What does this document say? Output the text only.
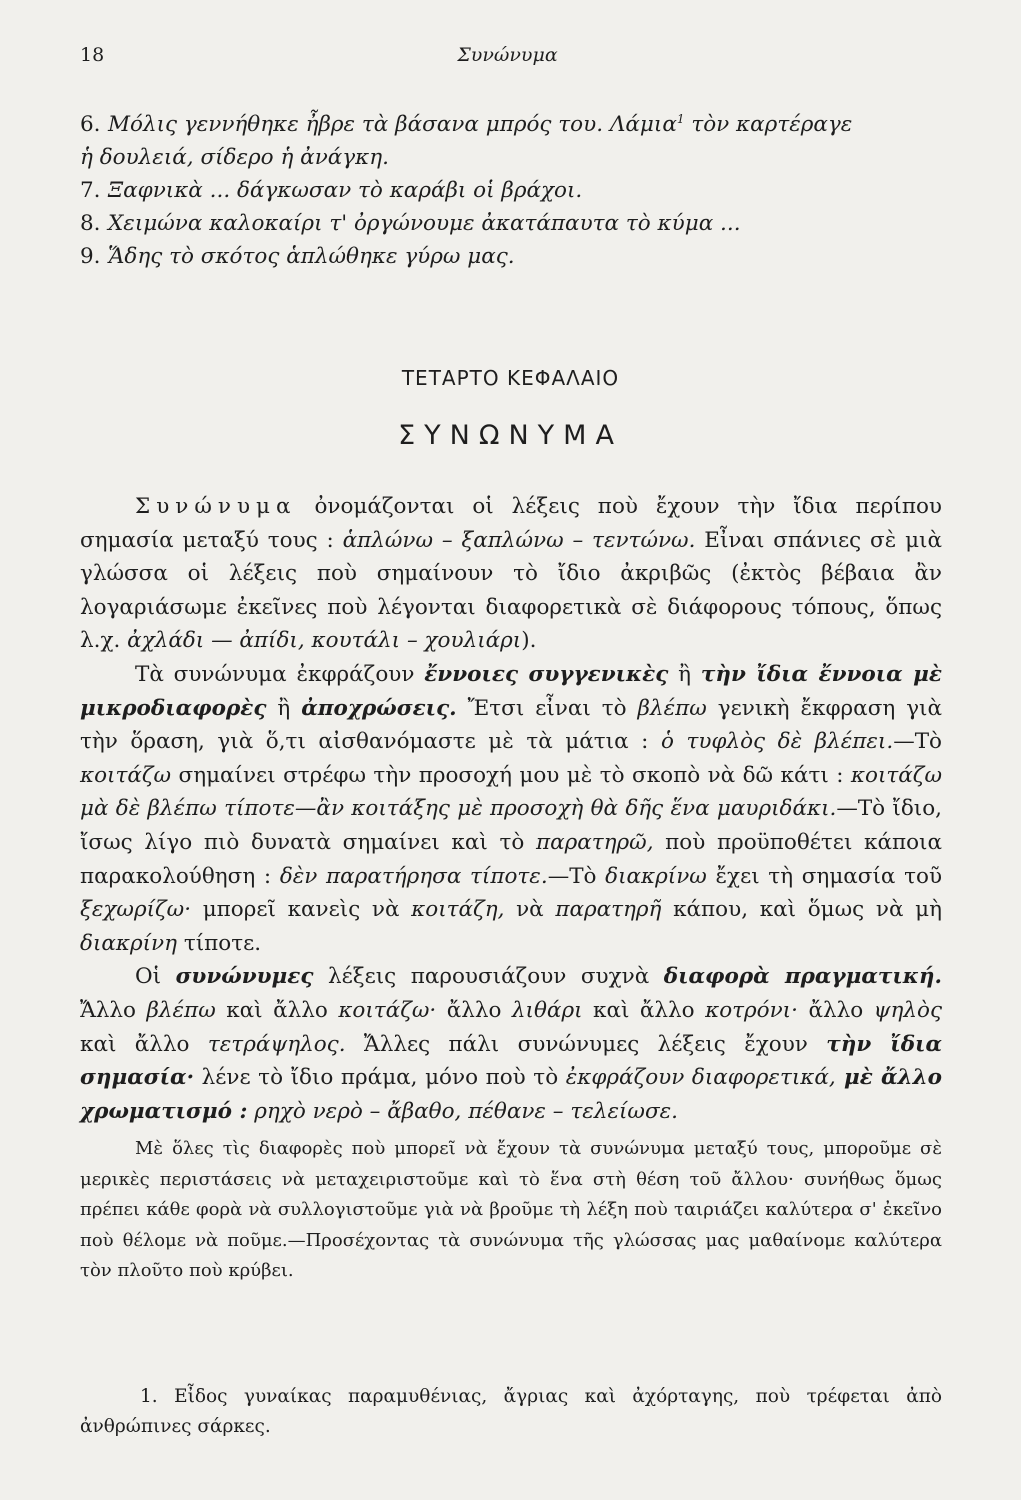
18	Συνώνυμα

6. Μόλις γεννήθηκε ἦβρε τὰ βάσανα μπρός του. Λάμια$^1$ τὸν καρτέραγε
ἡ δουλειά, σίδερο ἡ ἀνάγκη.

7. Ξαφνικὰ ... δάγκωσαν τὸ καράβι οἱ βράχοι.

8. Χειμώνα καλοκαίρι τ' ὀργώνουμε ἀκατάπαυτα τὸ κύμα ...

9. Ἅδης τὸ σκότος ἁπλώθηκε γύρω μας.

ΤΕΤΑΡΤΟ ΚΕΦΑΛΑΙΟ
ΣΥΝΩΝΥΜΑ

Συνώνυμα ὀνομάζονται οἱ λέξεις ποὺ ἔχουν τὴν ἴδια περίπου σημασία μεταξύ τους : ἁπλώνω – ξαπλώνω – τεντώνω. Εἶναι σπάνιες σὲ μιὰ γλώσσα οἱ λέξεις ποὺ σημαίνουν τὸ ἴδιο ἀκριβῶς (ἐκτὸς βέβαια ἂν λογαριάσωμε ἐκεῖνες ποὺ λέγονται διαφορετικὰ σὲ διάφορους τόπους, ὅπως λ.χ. ἀχλάδι — ἀπίδι, κουτάλι – χουλιάρι).

Τὰ συνώνυμα ἐκφράζουν ἔννοιες συγγενικὲς ἢ τὴν ἴδια ἔννοια μὲ μικροδιαφορὲς ἢ ἀποχρώσεις. Ἔτσι εἶναι τὸ βλέπω γενικὴ ἔκφραση γιὰ τὴν ὅραση, γιὰ ὅ,τι αἰσθανόμαστε μὲ τὰ μάτια : ὁ τυφλὸς δὲ βλέπει.—Τὸ κοιτάζω σημαίνει στρέφω τὴν προσοχή μου μὲ τὸ σκοπὸ νὰ δῶ κάτι : κοιτάζω μὰ δὲ βλέπω τίποτε—ἂν κοιτάξης μὲ προσοχὴ θὰ δῆς ἕνα μαυριδάκι.—Τὸ ἴδιο, ἴσως λίγο πιὸ δυνατὰ σημαίνει καὶ τὸ παρατηρῶ, ποὺ προϋποθέτει κάποια παρακολούθηση : δὲν παρατήρησα τίποτε.—Τὸ διακρίνω ἔχει τὴ σημασία τοῦ ξεχωρίζω· μπορεῖ κανεὶς νὰ κοιτάζη, νὰ παρατηρῆ κάπου, καὶ ὅμως νὰ μὴ διακρίνη τίποτε.

Οἱ συνώνυμες λέξεις παρουσιάζουν συχνὰ διαφορὰ πραγματική. Ἄλλο βλέπω καὶ ἄλλο κοιτάζω· ἄλλο λιθάρι καὶ ἄλλο κοτρόνι· ἄλλο ψηλὸς καὶ ἄλλο τετράψηλος. Ἄλλες πάλι συνώνυμες λέξεις ἔχουν τὴν ἴδια σημασία· λένε τὸ ἴδιο πράμα, μόνο ποὺ τὸ ἐκφράζουν διαφορετικά, μὲ ἄλλο χρωματισμό : ρηχὸ νερὸ – ἄβαθο, πέθανε – τελείωσε.

Μὲ ὅλες τὶς διαφορὲς ποὺ μπορεῖ νὰ ἔχουν τὰ συνώνυμα μεταξύ τους, μποροῦμε σὲ μερικὲς περιστάσεις νὰ μεταχειριστοῦμε καὶ τὸ ἕνα στὴ θέση τοῦ ἄλλου· συνήθως ὅμως πρέπει κάθε φορὰ νὰ συλλογιστοῦμε γιὰ νὰ βροῦμε τὴ λέξη ποὺ ταιριάζει καλύτερα σ' ἐκεῖνο ποὺ θέλομε νὰ ποῦμε.—Προσέχοντας τὰ συνώνυμα τῆς γλώσσας μας μαθαίνομε καλύτερα τὸν πλοῦτο ποὺ κρύβει.

1. Εἶδος γυναίκας παραμυθένιας, ἄγριας καὶ ἀχόρταγης, ποὺ τρέφεται ἀπὸ ἀνθρώπινες σάρκες.
